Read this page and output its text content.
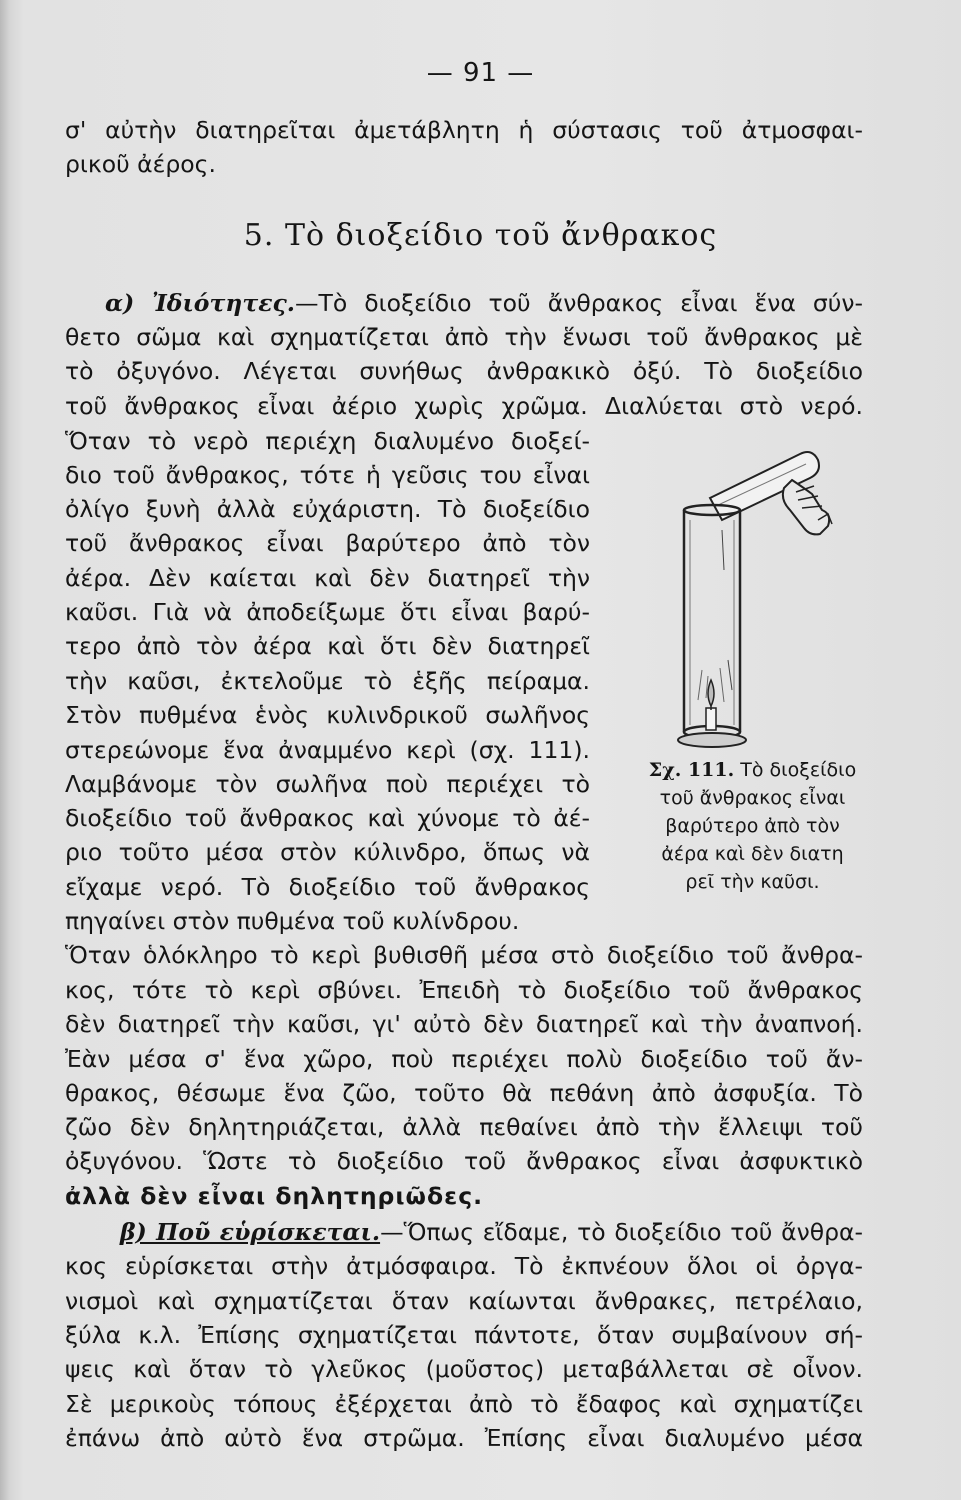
— 91 —
σ' αὐτὴν διατηρεῖται ἀμετάβλητη ἡ σύστασις τοῦ ἀτμοσφαι-
ρικοῦ ἀέρος.
5. Τὸ διοξείδιο τοῦ ἄνθρακος
α) Ἰδιότητες.—Τὸ διοξείδιο τοῦ ἄνθρακος εἶναι ἕνα σύν-
θετο σῶμα καὶ σχηματίζεται ἀπὸ τὴν ἕνωσι τοῦ ἄνθρακος μὲ
τὸ ὀξυγόνο. Λέγεται συνήθως ἀνθρακικὸ ὀξύ. Τὸ διοξείδιο
τοῦ ἄνθρακος εἶναι ἀέριο χωρὶς χρῶμα. Διαλύεται στὸ νερό.
Ὅταν τὸ νερὸ περιέχη διαλυμένο διοξεί-
διο τοῦ ἄνθρακος, τότε ἡ γεῦσις του εἶναι
ὀλίγο ξυνὴ ἀλλὰ εὐχάριστη. Τὸ διοξείδιο
τοῦ ἄνθρακος εἶναι βαρύτερο ἀπὸ τὸν
ἀέρα. Δὲν καίεται καὶ δὲν διατηρεῖ τὴν
καῦσι. Γιὰ νὰ ἀποδείξωμε ὅτι εἶναι βαρύ-
τερο ἀπὸ τὸν ἀέρα καὶ ὅτι δὲν διατηρεῖ
τὴν καῦσι, ἐκτελοῦμε τὸ ἑξῆς πείραμα.
Στὸν πυθμένα ἑνὸς κυλινδρικοῦ σωλῆνος
στερεώνομε ἕνα ἀναμμένο κερὶ (σχ. 111).
Λαμβάνομε τὸν σωλῆνα ποὺ περιέχει τὸ
διοξείδιο τοῦ ἄνθρακος καὶ χύνομε τὸ ἀέ-
ριο τοῦτο μέσα στὸν κύλινδρο, ὅπως νὰ
εἴχαμε νερό. Τὸ διοξείδιο τοῦ ἄνθρακος
πηγαίνει στὸν πυθμένα τοῦ κυλίνδρου.
Ὅταν ὁλόκληρο τὸ κερὶ βυθισθῆ μέσα στὸ διοξείδιο τοῦ ἄνθρα-
κος, τότε τὸ κερὶ σβύνει. Ἐπειδὴ τὸ διοξείδιο τοῦ ἄνθρακος
δὲν διατηρεῖ τὴν καῦσι, γι' αὐτὸ δὲν διατηρεῖ καὶ τὴν ἀναπνοή.
Ἐὰν μέσα σ' ἕνα χῶρο, ποὺ περιέχει πολὺ διοξείδιο τοῦ ἄν-
θρακος, θέσωμε ἕνα ζῶο, τοῦτο θὰ πεθάνη ἀπὸ ἀσφυξία. Τὸ
ζῶο δὲν δηλητηριάζεται, ἀλλὰ πεθαίνει ἀπὸ τὴν ἔλλειψι τοῦ
ὀξυγόνου. Ὥστε τὸ διοξείδιο τοῦ ἄνθρακος εἶναι ἀσφυκτικὸ
ἀλλὰ δὲν εἶναι δηλητηριῶδες.
β) Ποῦ εὑρίσκεται.—Ὅπως εἴδαμε, τὸ διοξείδιο τοῦ ἄνθρα-
κος εὑρίσκεται στὴν ἀτμόσφαιρα. Τὸ ἐκπνέουν ὅλοι οἱ ὀργα-
νισμοὶ καὶ σχηματίζεται ὅταν καίωνται ἄνθρακες, πετρέλαιο,
ξύλα κ.λ. Ἐπίσης σχηματίζεται πάντοτε, ὅταν συμβαίνουν σή-
ψεις καὶ ὅταν τὸ γλεῦκος (μοῦστος) μεταβάλλεται σὲ οἶνον.
Σὲ μερικοὺς τόπους ἐξέρχεται ἀπὸ τὸ ἔδαφος καὶ σχηματίζει
ἐπάνω ἀπὸ αὐτὸ ἕνα στρῶμα. Ἐπίσης εἶναι διαλυμένο μέσα
Σχ. 111. Τὸ διοξείδιο
τοῦ ἄνθρακος εἶναι
βαρύτερο ἀπὸ τὸν
ἀέρα καὶ δὲν διατη
ρεῖ τὴν καῦσι.
